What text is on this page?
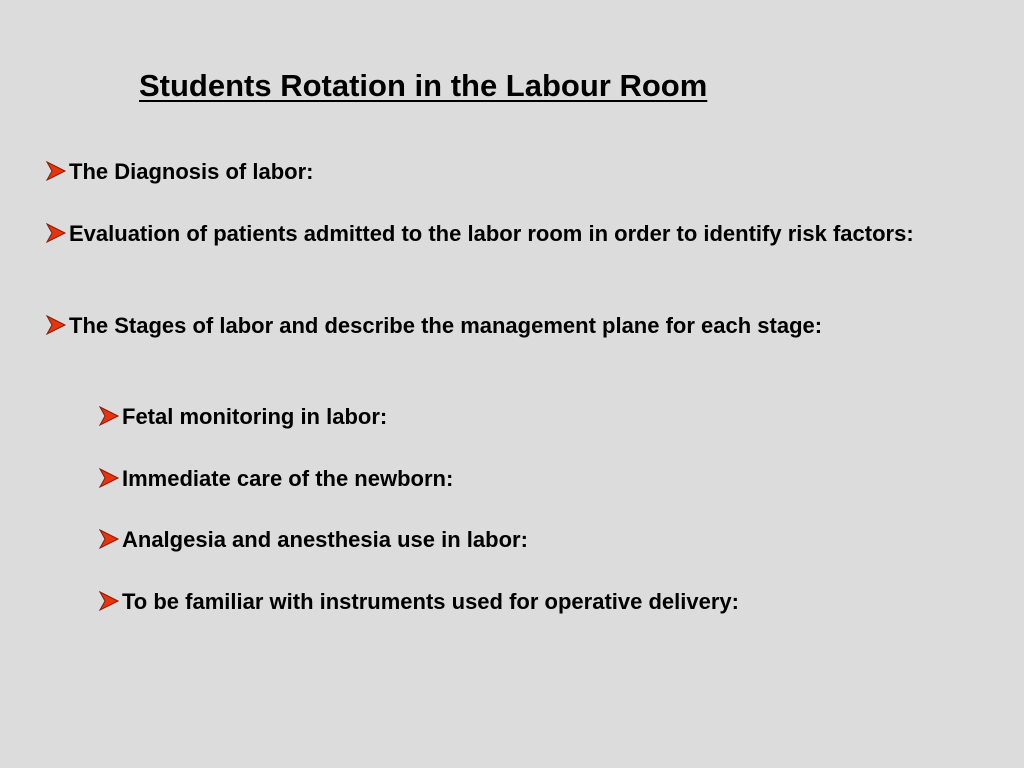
Students Rotation in the Labour Room

The Diagnosis of labor:

Evaluation of patients admitted to the labor room in order to identify risk factors:

The Stages of labor and describe the management plane for each stage:

Fetal monitoring in labor:

Immediate care of the newborn:

Analgesia and anesthesia use in labor:

To be familiar with instruments used for operative delivery:
